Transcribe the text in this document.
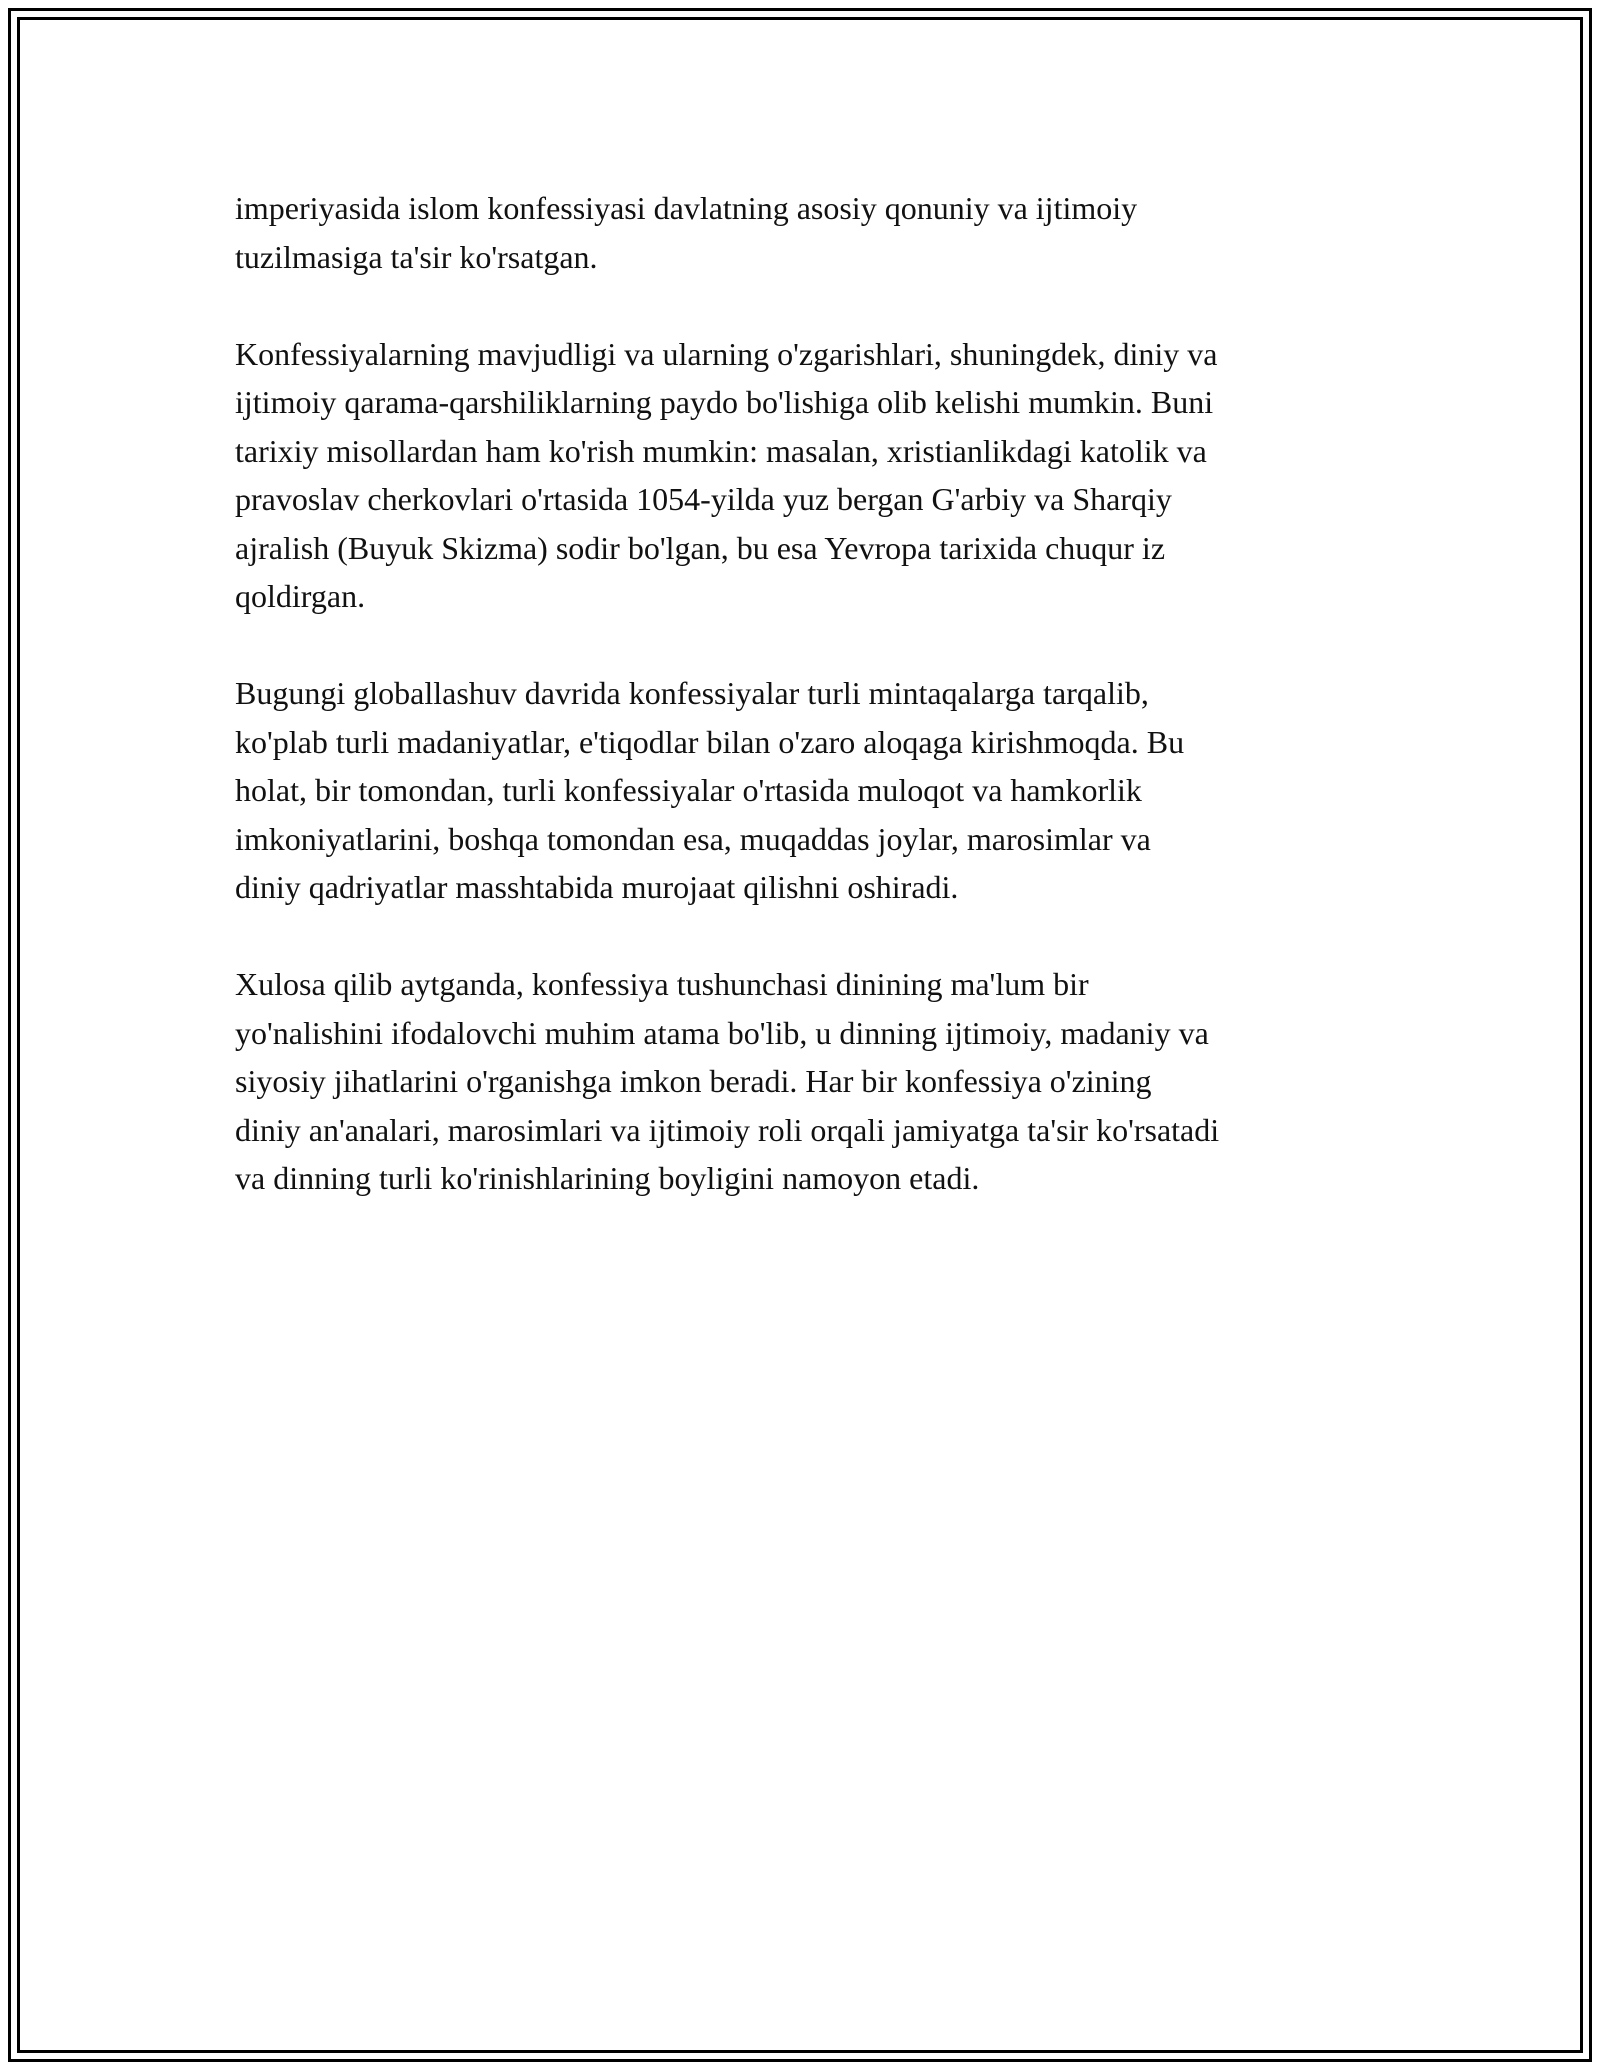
imperiyasida islom konfessiyasi davlatning asosiy qonuniy va ijtimoiy
tuzilmasiga ta'sir ko'rsatgan.

Konfessiyalarning mavjudligi va ularning o'zgarishlari, shuningdek, diniy va
ijtimoiy qarama-qarshiliklarning paydo bo'lishiga olib kelishi mumkin. Buni
tarixiy misollardan ham ko'rish mumkin: masalan, xristianlikdagi katolik va
pravoslav cherkovlari o'rtasida 1054-yilda yuz bergan G'arbiy va Sharqiy
ajralish (Buyuk Skizma) sodir bo'lgan, bu esa Yevropa tarixida chuqur iz
qoldirgan.

Bugungi globallashuv davrida konfessiyalar turli mintaqalarga tarqalib,
ko'plab turli madaniyatlar, e'tiqodlar bilan o'zaro aloqaga kirishmoqda. Bu
holat, bir tomondan, turli konfessiyalar o'rtasida muloqot va hamkorlik
imkoniyatlarini, boshqa tomondan esa, muqaddas joylar, marosimlar va
diniy qadriyatlar masshtabida murojaat qilishni oshiradi.

Xulosa qilib aytganda, konfessiya tushunchasi dinining ma'lum bir
yo'nalishini ifodalovchi muhim atama bo'lib, u dinning ijtimoiy, madaniy va
siyosiy jihatlarini o'rganishga imkon beradi. Har bir konfessiya o'zining
diniy an'analari, marosimlari va ijtimoiy roli orqali jamiyatga ta'sir ko'rsatadi
va dinning turli ko'rinishlarining boyligini namoyon etadi.
